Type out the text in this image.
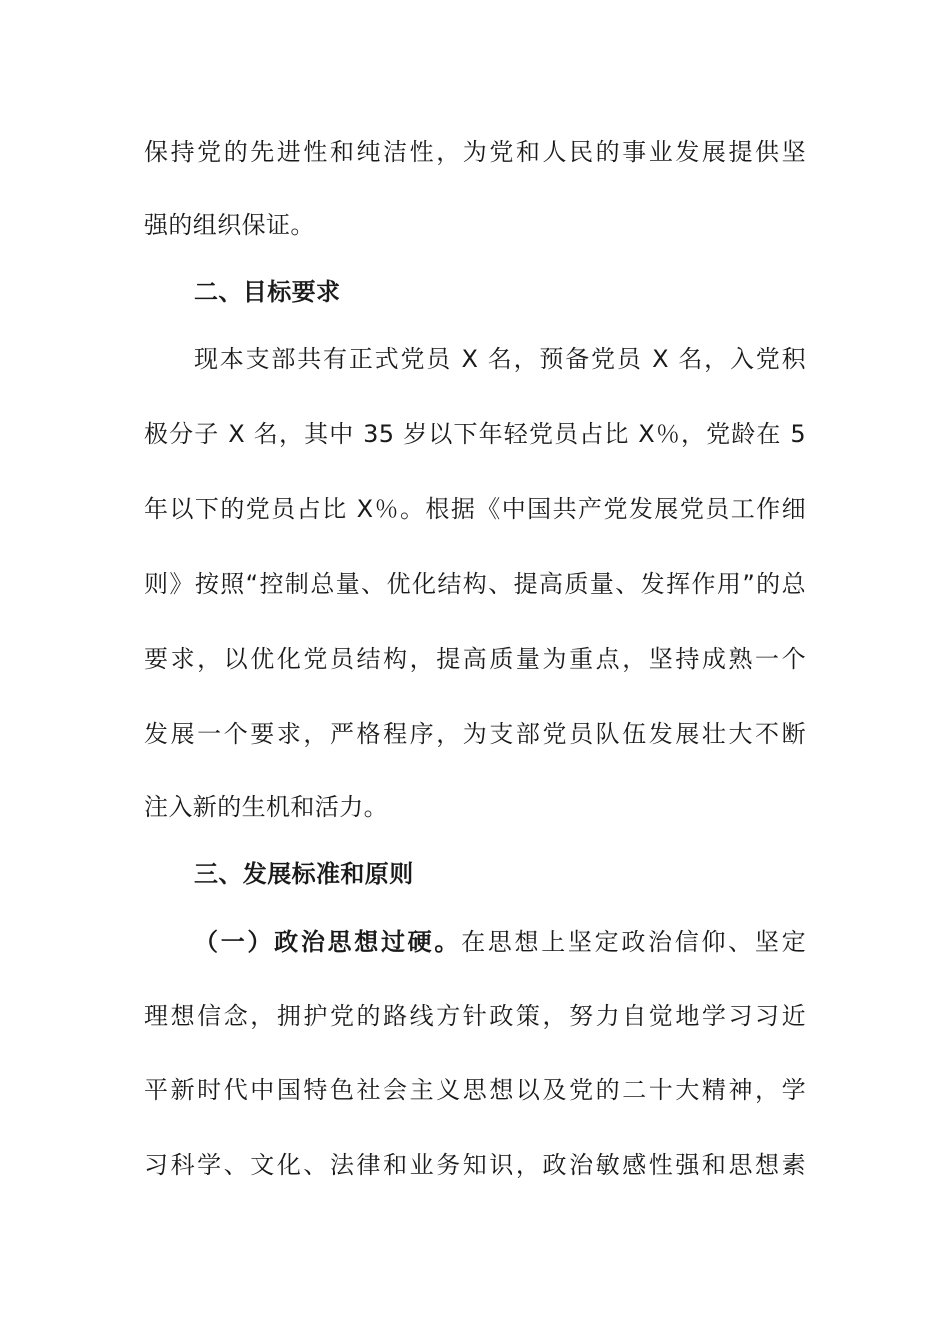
保持党的先进性和纯洁性，为党和人民的事业发展提供坚
强的组织保证。
二、目标要求
现本支部共有正式党员 X 名，预备党员 X 名，入党积
极分子 X 名，其中 35 岁以下年轻党员占比 X％，党龄在 5
年以下的党员占比 X％。根据《中国共产党发展党员工作细
则》按照“控制总量、优化结构、提高质量、发挥作用”的总
要求，以优化党员结构，提高质量为重点，坚持成熟一个
发展一个要求，严格程序，为支部党员队伍发展壮大不断
注入新的生机和活力。
三、发展标准和原则
（一）政治思想过硬。在思想上坚定政治信仰、坚定
理想信念，拥护党的路线方针政策，努力自觉地学习习近
平新时代中国特色社会主义思想以及党的二十大精神，学
习科学、文化、法律和业务知识，政治敏感性强和思想素
